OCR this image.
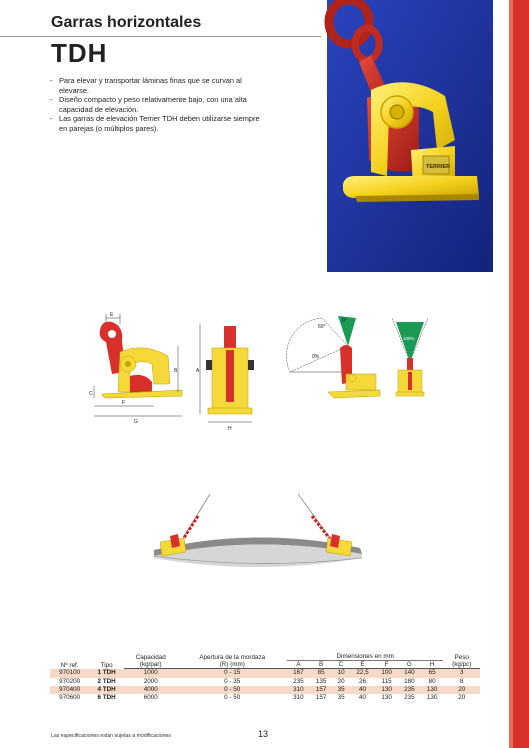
Garras horizontales
TDH
- Para elevar y transportar láminas finas que se curvan al elevarse.
- Diseño compacto y peso relativamente bajo, con una alta capacidad de elevación.
- Las garras de elevación Terrier TDH deben utilizarse siempre en parejas (o múltiplos pares).
TERRIER
E
B
C
F
G
A
H
60°
0°
100%
0%
100%
Nº ref.	Tipo	Capacidad	Apertura de la mordaza	Dimensiones en mm							Peso
		(kg/par)	(R) (mm)	A	B	C	E	F	G	H	(kg/pc)
970100	1 TDH	1000	0 - 15	167	85	10	22,5	100	140	65	3
970200	2 TDH	2000	0 - 35	235	135	20	26	115	180	80	8
970400	4 TDH	4000	0 - 50	310	157	35	40	130	235	130	20
970600	6 TDH	6000	0 - 50	310	157	35	40	130	235	130	20
Las especificaciones están sujetas a modificaciones	13
